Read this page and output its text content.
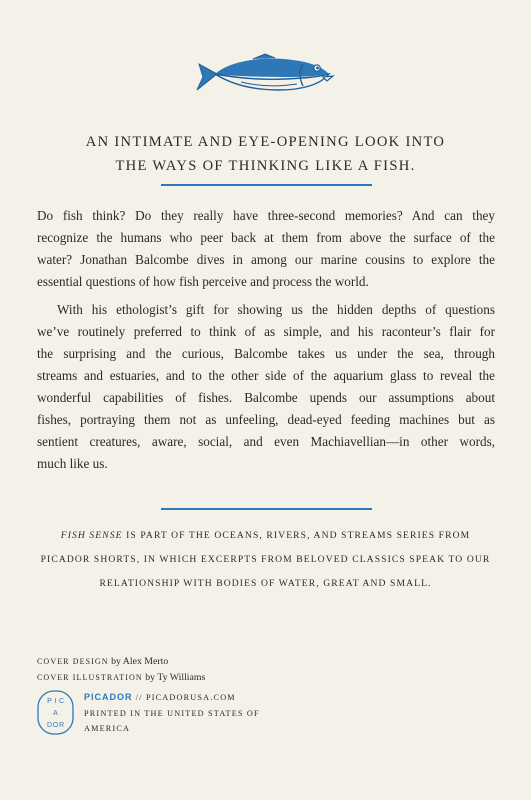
AN INTIMATE AND EYE-OPENING LOOK INTO
THE WAYS OF THINKING LIKE A FISH.
Do fish think? Do they really have three-second memories? And can they
recognize the humans who peer back at them from above the surface of the
water? Jonathan Balcombe dives in among our marine cousins to explore the
essential questions of how fish perceive and process the world.
With his ethologist’s gift for showing us the hidden depths of questions
we’ve routinely preferred to think of as simple, and his raconteur’s flair for
the surprising and the curious, Balcombe takes us under the sea, through
streams and estuaries, and to the other side of the aquarium glass to reveal the
wonderful capabilities of fishes. Balcombe upends our assumptions about
fishes, portraying them not as unfeeling, dead-eyed feeding machines but as
sentient creatures, aware, social, and even Machiavellian—in other words,
much like us.
FISH SENSE IS PART OF THE OCEANS, RIVERS, AND STREAMS SERIES FROM
PICADOR SHORTS, IN WHICH EXCERPTS FROM BELOVED CLASSICS SPEAK TO OUR
RELATIONSHIP WITH BODIES OF WATER, GREAT AND SMALL.
COVER DESIGN by Alex Merto
COVER ILLUSTRATION by Ty Williams
P I C
A
D O R
PICADOR // PICADORUSA.COM
PRINTED IN THE UNITED STATES OF
AMERICA
